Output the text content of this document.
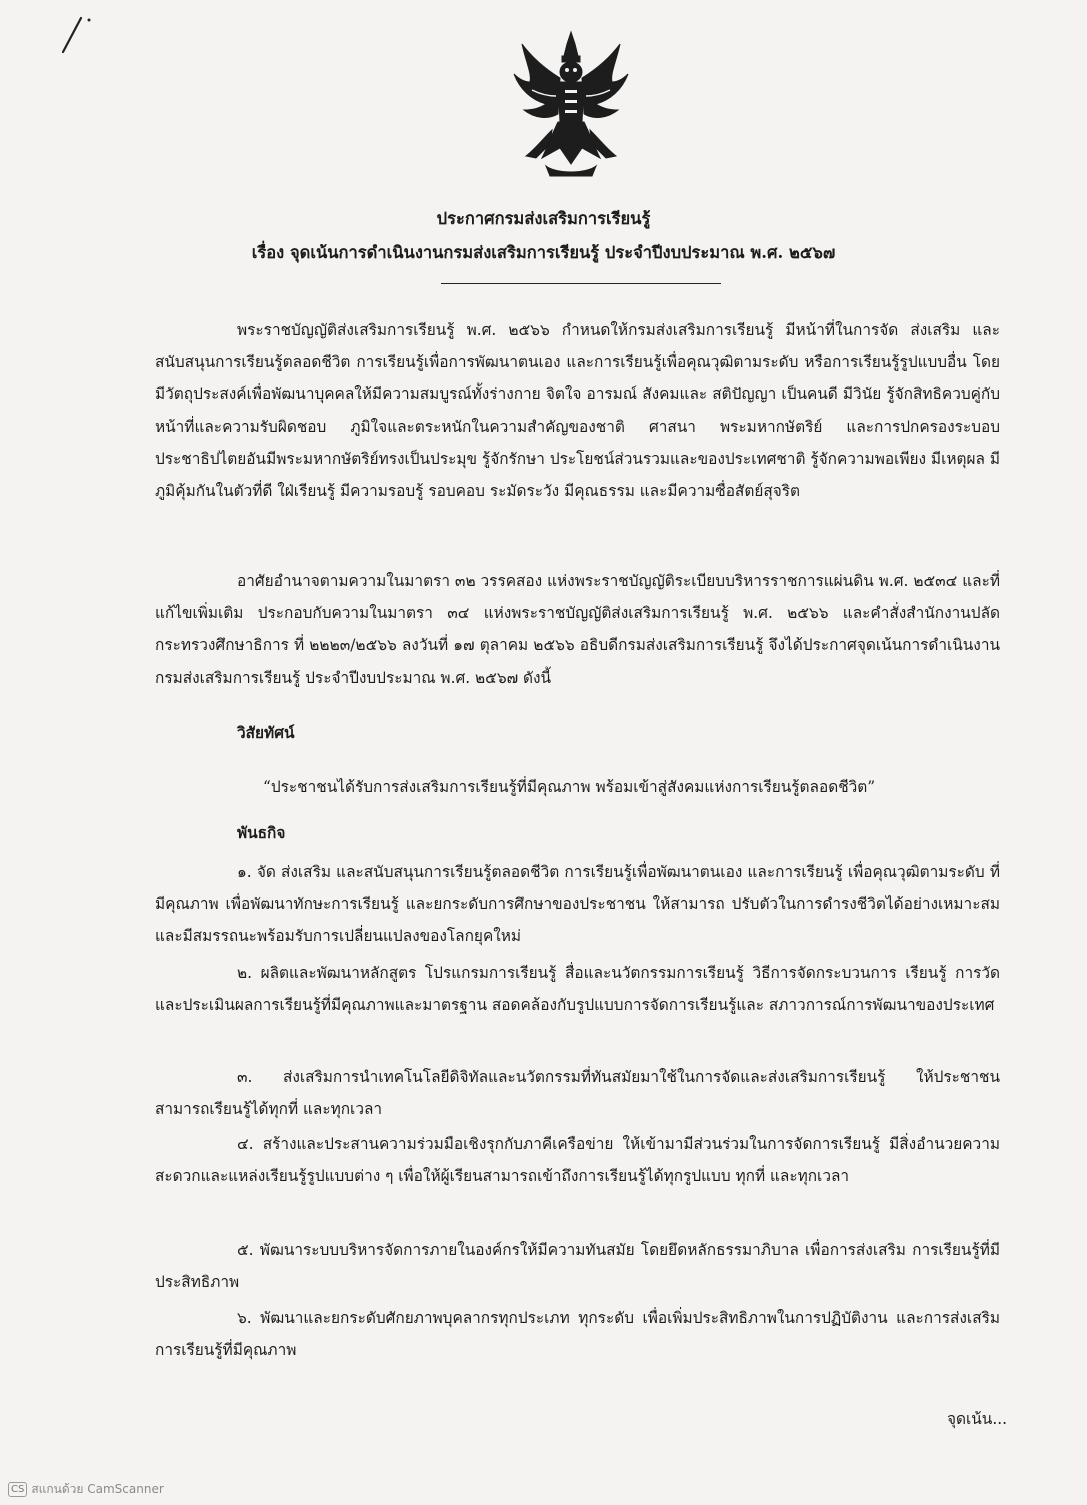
ประกาศกรมส่งเสริมการเรียนรู้
เรื่อง จุดเน้นการดำเนินงานกรมส่งเสริมการเรียนรู้ ประจำปีงบประมาณ พ.ศ. ๒๕๖๗

พระราชบัญญัติส่งเสริมการเรียนรู้ พ.ศ. ๒๕๖๖ กำหนดให้กรมส่งเสริมการเรียนรู้ มีหน้าที่ในการจัด ส่งเสริม และสนับสนุนการเรียนรู้ตลอดชีวิต การเรียนรู้เพื่อการพัฒนาตนเอง และการเรียนรู้เพื่อคุณวุฒิตามระดับ หรือการเรียนรู้รูปแบบอื่น โดยมีวัตถุประสงค์เพื่อพัฒนาบุคคลให้มีความสมบูรณ์ทั้งร่างกาย จิตใจ อารมณ์ สังคมและ สติปัญญา เป็นคนดี มีวินัย รู้จักสิทธิควบคู่กับหน้าที่และความรับผิดชอบ ภูมิใจและตระหนักในความสำคัญของชาติ ศาสนา พระมหากษัตริย์ และการปกครองระบอบประชาธิปไตยอันมีพระมหากษัตริย์ทรงเป็นประมุข รู้จักรักษา ประโยชน์ส่วนรวมและของประเทศชาติ รู้จักความพอเพียง มีเหตุผล มีภูมิคุ้มกันในตัวที่ดี ใฝ่เรียนรู้ มีความรอบรู้ รอบคอบ ระมัดระวัง มีคุณธรรม และมีความซื่อสัตย์สุจริต

อาศัยอำนาจตามความในมาตรา ๓๒ วรรคสอง แห่งพระราชบัญญัติระเบียบบริหารราชการแผ่นดิน พ.ศ. ๒๕๓๔ และที่แก้ไขเพิ่มเติม ประกอบกับความในมาตรา ๓๔ แห่งพระราชบัญญัติส่งเสริมการเรียนรู้ พ.ศ. ๒๕๖๖ และคำสั่งสำนักงานปลัดกระทรวงศึกษาธิการ ที่ ๒๒๒๓/๒๕๖๖ ลงวันที่ ๑๗ ตุลาคม ๒๕๖๖ อธิบดีกรมส่งเสริมการเรียนรู้ จึงได้ประกาศจุดเน้นการดำเนินงาน กรมส่งเสริมการเรียนรู้ ประจำปีงบประมาณ พ.ศ. ๒๕๖๗ ดังนี้

วิสัยทัศน์
“ประชาชนได้รับการส่งเสริมการเรียนรู้ที่มีคุณภาพ พร้อมเข้าสู่สังคมแห่งการเรียนรู้ตลอดชีวิต”
พันธกิจ

๑. จัด ส่งเสริม และสนับสนุนการเรียนรู้ตลอดชีวิต การเรียนรู้เพื่อพัฒนาตนเอง และการเรียนรู้ เพื่อคุณวุฒิตามระดับ ที่มีคุณภาพ เพื่อพัฒนาทักษะการเรียนรู้ และยกระดับการศึกษาของประชาชน ให้สามารถ ปรับตัวในการดำรงชีวิตได้อย่างเหมาะสม และมีสมรรถนะพร้อมรับการเปลี่ยนแปลงของโลกยุคใหม่

๒. ผลิตและพัฒนาหลักสูตร โปรแกรมการเรียนรู้ สื่อและนวัตกรรมการเรียนรู้ วิธีการจัดกระบวนการ เรียนรู้ การวัดและประเมินผลการเรียนรู้ที่มีคุณภาพและมาตรฐาน สอดคล้องกับรูปแบบการจัดการเรียนรู้และ สภาวการณ์การพัฒนาของประเทศ

๓. ส่งเสริมการนำเทคโนโลยีดิจิทัลและนวัตกรรมที่ทันสมัยมาใช้ในการจัดและส่งเสริมการเรียนรู้ ให้ประชาชนสามารถเรียนรู้ได้ทุกที่ และทุกเวลา

๔. สร้างและประสานความร่วมมือเชิงรุกกับภาคีเครือข่าย ให้เข้ามามีส่วนร่วมในการจัดการเรียนรู้ มีสิ่งอำนวยความสะดวกและแหล่งเรียนรู้รูปแบบต่าง ๆ เพื่อให้ผู้เรียนสามารถเข้าถึงการเรียนรู้ได้ทุกรูปแบบ ทุกที่ และทุกเวลา

๕. พัฒนาระบบบริหารจัดการภายในองค์กรให้มีความทันสมัย โดยยึดหลักธรรมาภิบาล เพื่อการส่งเสริม การเรียนรู้ที่มีประสิทธิภาพ

๖. พัฒนาและยกระดับศักยภาพบุคลากรทุกประเภท ทุกระดับ เพื่อเพิ่มประสิทธิภาพในการปฏิบัติงาน และการส่งเสริมการเรียนรู้ที่มีคุณภาพ

จุดเน้น...
CS สแกนด้วย CamScanner
